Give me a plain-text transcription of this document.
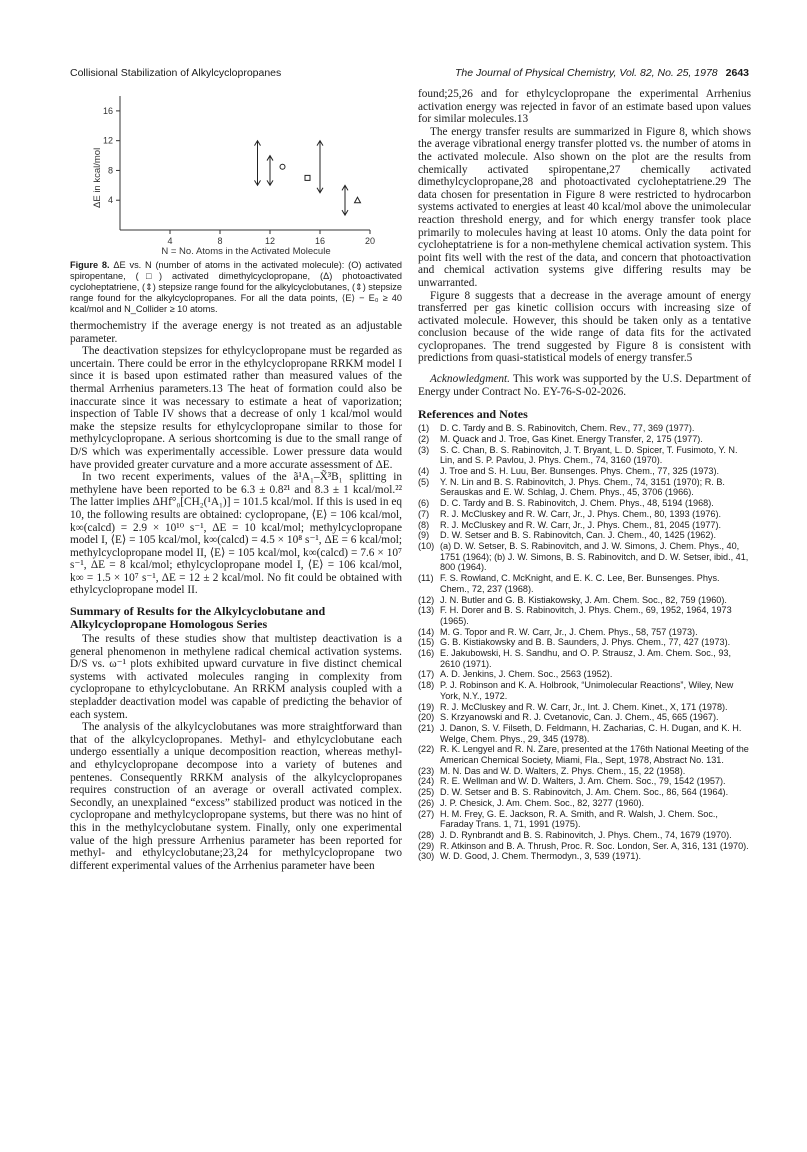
Collisional Stabilization of Alkylcyclopropanes	The Journal of Physical Chemistry, Vol. 82, No. 25, 1978 2643
4
8
12
16
4	8	12	16	20
ΔE in kcal/mol
N = No. Atoms in the Activated Molecule
Figure 8. ΔE vs. N (number of atoms in the activated molecule): (O) activated spiropentane, (□) activated dimethylcyclopropane, (Δ) photoactivated cycloheptatriene, (⇕) stepsize range found for the alkylcyclobutanes, (⇕) stepsize range found for the alkylcyclopropanes. For all the data points, ⟨E⟩ − E₀ ≥ 40 kcal/mol and N_Collider ≥ 10 atoms.

thermochemistry if the average energy is not treated as an adjustable parameter.

The deactivation stepsizes for ethylcyclopropane must be regarded as uncertain. There could be error in the ethylcyclopropane RRKM model I since it is based upon estimated rather than measured values of the thermal Arrhenius parameters.13 The heat of formation could also be inaccurate since it was necessary to estimate a heat of vaporization; inspection of Table IV shows that a decrease of only 1 kcal/mol would make the stepsize results for ethylcyclopropane similar to those for methylcyclopropane. A serious shortcoming is due to the small range of D/S which was experimentally accessible. Lower pressure data would have provided greater curvature and a more accurate assessment of ΔE.

In two recent experiments, values of the ã¹A₁–X̃³B₁ splitting in methylene have been reported to be 6.3 ± 0.8²¹ and 8.3 ± 1 kcal/mol.²² The latter implies ΔHf°₀[CH₂(¹A₁)] = 101.5 kcal/mol. If this is used in eq 10, the following results are obtained: cyclopropane, ⟨E⟩ = 106 kcal/mol, k∞(calcd) = 2.9 × 10¹⁰ s⁻¹, ΔE = 10 kcal/mol; methylcyclopropane model I, ⟨E⟩ = 105 kcal/mol, k∞(calcd) = 4.5 × 10⁸ s⁻¹, ΔE = 6 kcal/mol; methylcyclopropane model II, ⟨E⟩ = 105 kcal/mol, k∞(calcd) = 7.6 × 10⁷ s⁻¹, ΔE = 8 kcal/mol; ethylcyclopropane model I, ⟨E⟩ = 106 kcal/mol, k∞ = 1.5 × 10⁷ s⁻¹, ΔE = 12 ± 2 kcal/mol. No fit could be obtained with ethylcyclopropane model II.

Summary of Results for the Alkylcyclobutane and Alkylcyclopropane Homologous Series

The results of these studies show that multistep deactivation is a general phenomenon in methylene radical chemical activation systems. D/S vs. ω⁻¹ plots exhibited upward curvature in five distinct chemical systems with activated molecules ranging in complexity from cyclopropane to ethylcyclobutane. An RRKM analysis coupled with a stepladder deactivation model was capable of predicting the behavior of each system.

The analysis of the alkylcyclobutanes was more straightforward than that of the alkylcyclopropanes. Methyl- and ethylcyclobutane each undergo essentially a unique decomposition reaction, whereas methyl- and ethylcyclopropane decompose into a variety of butenes and pentenes. Consequently RRKM analysis of the alkylcyclopropanes requires construction of an average or overall activated complex. Secondly, an unexplained “excess” stabilized product was noticed in the cyclopropane and methylcyclopropane systems, but there was no hint of this in the methylcyclobutane system. Finally, only one experimental value of the high pressure Arrhenius parameter has been reported for methyl- and ethylcyclobutane;23,24 for methylcyclopropane two different experimental values of the Arrhenius parameter have been

found;25,26 and for ethylcyclopropane the experimental Arrhenius activation energy was rejected in favor of an estimate based upon values for similar molecules.13

The energy transfer results are summarized in Figure 8, which shows the average vibrational energy transfer plotted vs. the number of atoms in the activated molecule. Also shown on the plot are the results from chemically activated spiropentane,27 chemically activated dimethylcyclopropane,28 and photoactivated cycloheptatriene.29 The data chosen for presentation in Figure 8 were restricted to hydrocarbon systems activated to energies at least 40 kcal/mol above the unimolecular reaction threshold energy, and for which energy transfer took place primarily to molecules having at least 10 atoms. Only the data point for cycloheptatriene is for a non-methylene chemical activation system. This point fits well with the rest of the data, and concern that photoactivation and chemical activation systems give differing results may be unwarranted.

Figure 8 suggests that a decrease in the average amount of energy transferred per gas kinetic collision occurs with increasing size of activated molecule. However, this should be taken only as a tentative conclusion because of the wide range of data fits for the activated cyclopropanes. The trend suggested by Figure 8 is consistent with predictions from quasi-statistical models of energy transfer.5

Acknowledgment. This work was supported by the U.S. Department of Energy under Contract No. EY-76-S-02-2026.

References and Notes
(1)	D. C. Tardy and B. S. Rabinovitch, Chem. Rev., 77, 369 (1977).
(2)	M. Quack and J. Troe, Gas Kinet. Energy Transfer, 2, 175 (1977).
(3)	S. C. Chan, B. S. Rabinovitch, J. T. Bryant, L. D. Spicer, T. Fusimoto, Y. N. Lin, and S. P. Pavlou, J. Phys. Chem., 74, 3160 (1970).
(4)	J. Troe and S. H. Luu, Ber. Bunsenges. Phys. Chem., 77, 325 (1973).
(5)	Y. N. Lin and B. S. Rabinovitch, J. Phys. Chem., 74, 3151 (1970); R. B. Serauskas and E. W. Schlag, J. Chem. Phys., 45, 3706 (1966).
(6)	D. C. Tardy and B. S. Rabinovitch, J. Chem. Phys., 48, 5194 (1968).
(7)	R. J. McCluskey and R. W. Carr, Jr., J. Phys. Chem., 80, 1393 (1976).
(8)	R. J. McCluskey and R. W. Carr, Jr., J. Phys. Chem., 81, 2045 (1977).
(9)	D. W. Setser and B. S. Rabinovitch, Can. J. Chem., 40, 1425 (1962).
(10) (a) D. W. Setser, B. S. Rabinovitch, and J. W. Simons, J. Chem. Phys., 40, 1751 (1964); (b) J. W. Simons, B. S. Rabinovitch, and D. W. Setser, ibid., 41, 800 (1964).
(11) F. S. Rowland, C. McKnight, and E. K. C. Lee, Ber. Bunsenges. Phys. Chem., 72, 237 (1968).
(12) J. N. Butler and G. B. Kistiakowsky, J. Am. Chem. Soc., 82, 759 (1960).
(13) F. H. Dorer and B. S. Rabinovitch, J. Phys. Chem., 69, 1952, 1964, 1973 (1965).
(14) M. G. Topor and R. W. Carr, Jr., J. Chem. Phys., 58, 757 (1973).
(15) G. B. Kistiakowsky and B. B. Saunders, J. Phys. Chem., 77, 427 (1973).
(16) E. Jakubowski, H. S. Sandhu, and O. P. Strausz, J. Am. Chem. Soc., 93, 2610 (1971).
(17) A. D. Jenkins, J. Chem. Soc., 2563 (1952).
(18) P. J. Robinson and K. A. Holbrook, “Unimolecular Reactions”, Wiley, New York, N.Y., 1972.
(19) R. J. McCluskey and R. W. Carr, Jr., Int. J. Chem. Kinet., X, 171 (1978).
(20) S. Krzyanowski and R. J. Cvetanovic, Can. J. Chem., 45, 665 (1967).
(21) J. Danon, S. V. Filseth, D. Feldmann, H. Zacharias, C. H. Dugan, and K. H. Welge, Chem. Phys., 29, 345 (1978).
(22) R. K. Lengyel and R. N. Zare, presented at the 176th National Meeting of the American Chemical Society, Miami, Fla., Sept, 1978, Abstract No. 131.
(23) M. N. Das and W. D. Walters, Z. Phys. Chem., 15, 22 (1958).
(24) R. E. Wellman and W. D. Walters, J. Am. Chem. Soc., 79, 1542 (1957).
(25) D. W. Setser and B. S. Rabinovitch, J. Am. Chem. Soc., 86, 564 (1964).
(26) J. P. Chesick, J. Am. Chem. Soc., 82, 3277 (1960).
(27) H. M. Frey, G. E. Jackson, R. A. Smith, and R. Walsh, J. Chem. Soc., Faraday Trans. 1, 71, 1991 (1975).
(28) J. D. Rynbrandt and B. S. Rabinovitch, J. Phys. Chem., 74, 1679 (1970).
(29) R. Atkinson and B. A. Thrush, Proc. R. Soc. London, Ser. A, 316, 131 (1970).
(30) W. D. Good, J. Chem. Thermodyn., 3, 539 (1971).
